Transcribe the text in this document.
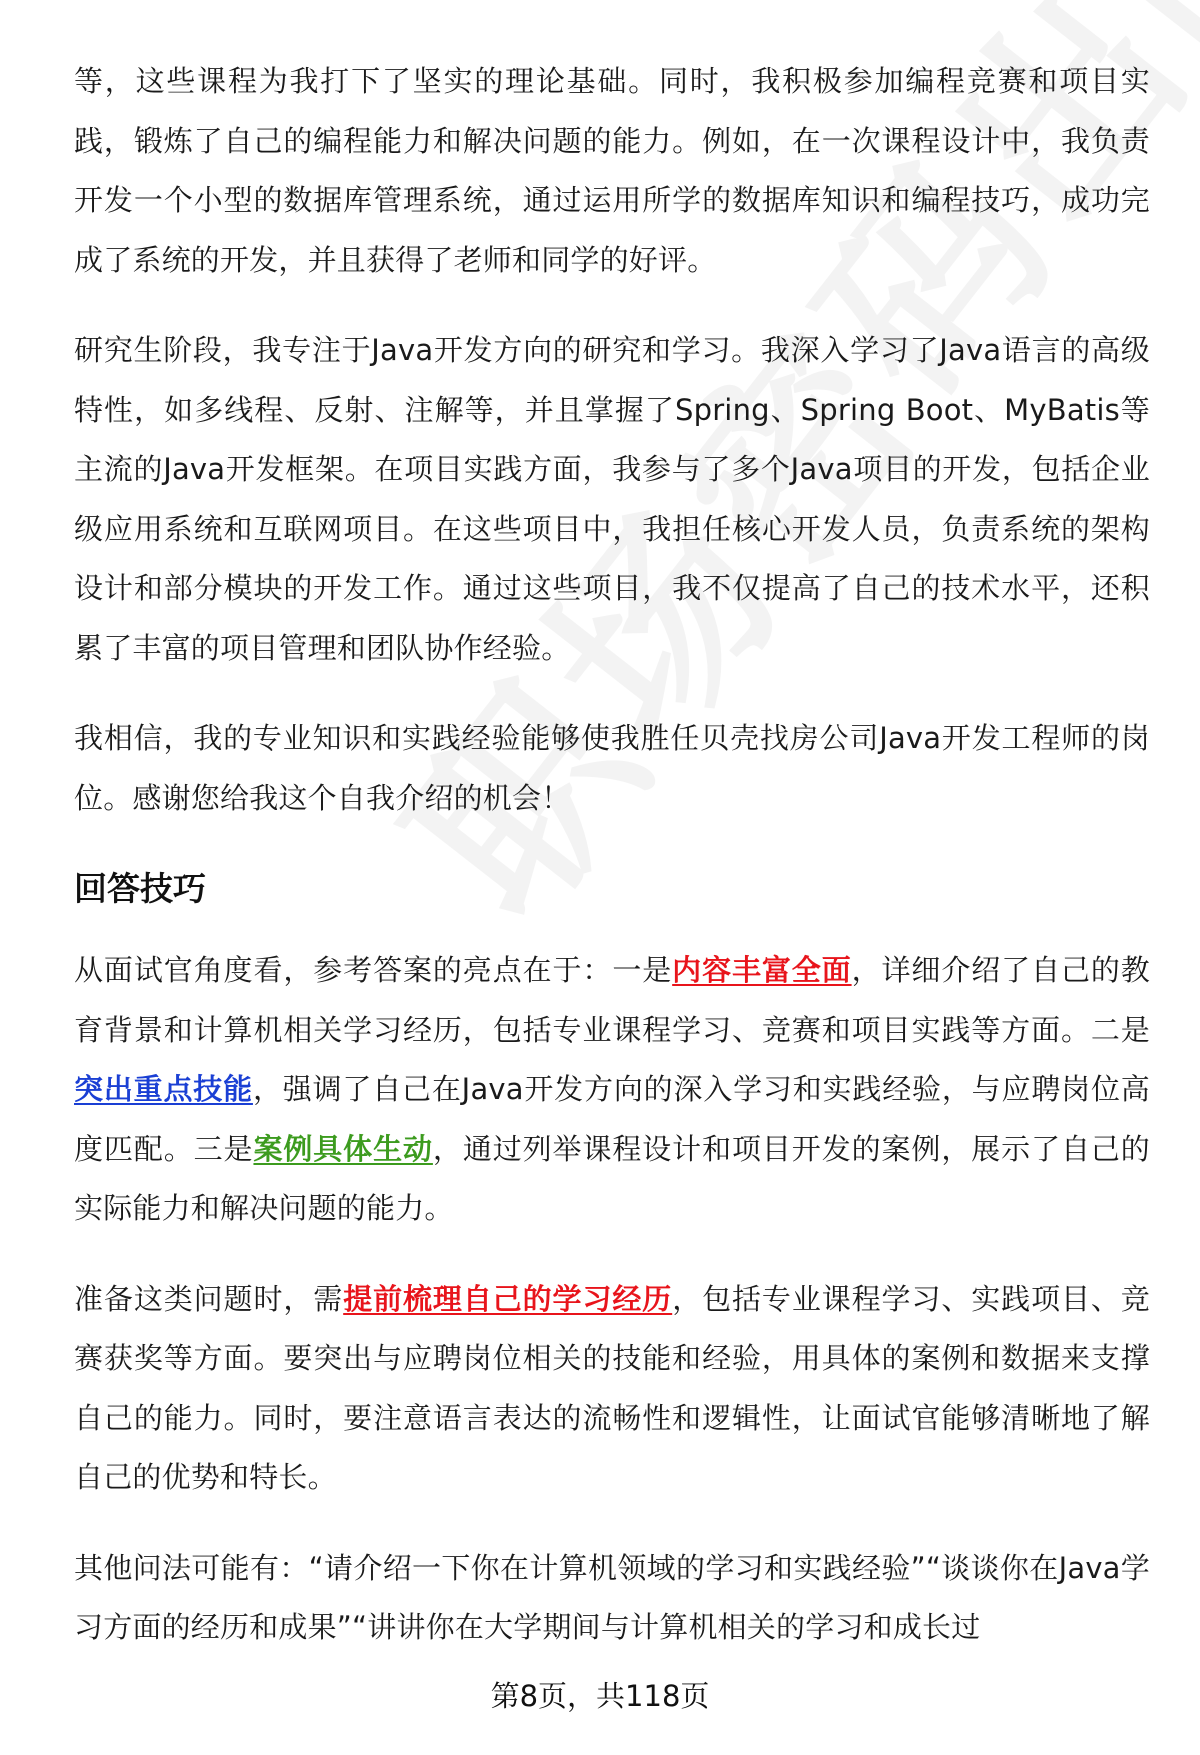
等，这些课程为我打下了坚实的理论基础。同时，我积极参加编程竞赛和项目实践，锻炼了自己的编程能力和解决问题的能力。例如，在一次课程设计中，我负责开发一个小型的数据库管理系统，通过运用所学的数据库知识和编程技巧，成功完成了系统的开发，并且获得了老师和同学的好评。

研究生阶段，我专注于Java开发方向的研究和学习。我深入学习了Java语言的高级特性，如多线程、反射、注解等，并且掌握了Spring、Spring Boot、MyBatis等主流的Java开发框架。在项目实践方面，我参与了多个Java项目的开发，包括企业级应用系统和互联网项目。在这些项目中，我担任核心开发人员，负责系统的架构设计和部分模块的开发工作。通过这些项目，我不仅提高了自己的技术水平，还积累了丰富的项目管理和团队协作经验。

我相信，我的专业知识和实践经验能够使我胜任贝壳找房公司Java开发工程师的岗位。感谢您给我这个自我介绍的机会！

回答技巧

从面试官角度看，参考答案的亮点在于：一是内容丰富全面，详细介绍了自己的教育背景和计算机相关学习经历，包括专业课程学习、竞赛和项目实践等方面。二是突出重点技能，强调了自己在Java开发方向的深入学习和实践经验，与应聘岗位高度匹配。三是案例具体生动，通过列举课程设计和项目开发的案例，展示了自己的实际能力和解决问题的能力。

准备这类问题时，需提前梳理自己的学习经历，包括专业课程学习、实践项目、竞赛获奖等方面。要突出与应聘岗位相关的技能和经验，用具体的案例和数据来支撑自己的能力。同时，要注意语言表达的流畅性和逻辑性，让面试官能够清晰地了解自己的优势和特长。

其他问法可能有：“请介绍一下你在计算机领域的学习和实践经验”“谈谈你在Java学习方面的经历和成果”“讲讲你在大学期间与计算机相关的学习和成长过

第8页，共118页
